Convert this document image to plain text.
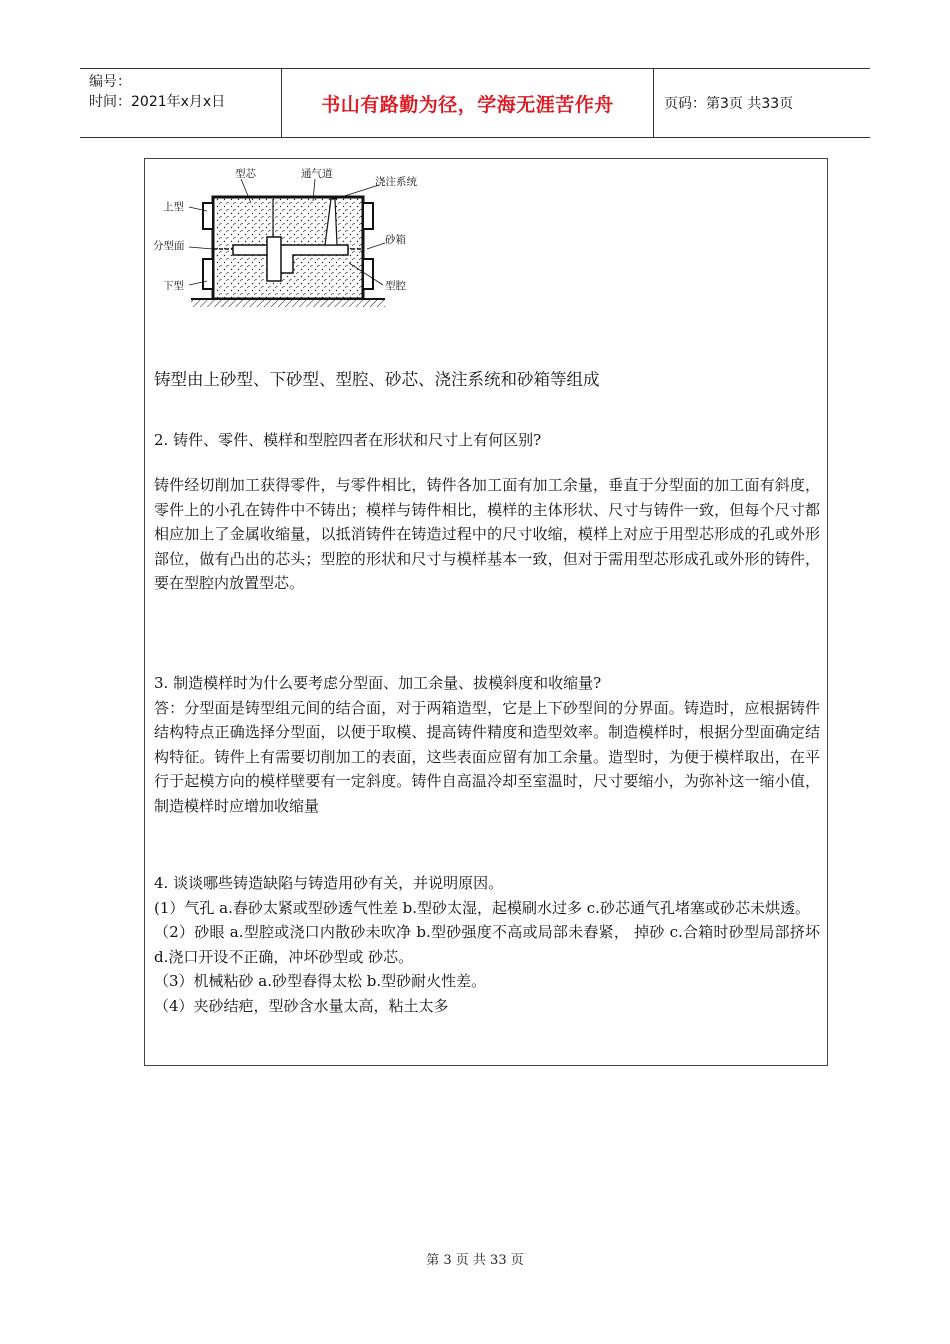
编号：
时间：2021年x月x日	书山有路勤为径，学海无涯苦作舟	页码：第3页 共33页
型芯	通气道
浇注系统
上型
分型面	砂箱
下型	型腔
铸型由上砂型、下砂型、型腔、砂芯、浇注系统和砂箱等组成
2. 铸件、零件、模样和型腔四者在形状和尺寸上有何区别?
铸件经切削加工获得零件，与零件相比，铸件各加工面有加工余量，垂直于分型面的加工面有斜度，零件上的小孔在铸件中不铸出；模样与铸件相比，模样的主体形状、尺寸与铸件一致，但每个尺寸都相应加上了金属收缩量，以抵消铸件在铸造过程中的尺寸收缩，模样上对应于用型芯形成的孔或外形部位，做有凸出的芯头；型腔的形状和尺寸与模样基本一致，但对于需用型芯形成孔或外形的铸件，要在型腔内放置型芯。
3. 制造模样时为什么要考虑分型面、加工余量、拔模斜度和收缩量?
答：分型面是铸型组元间的结合面，对于两箱造型，它是上下砂型间的分界面。铸造时，应根据铸件结构特点正确选择分型面，以便于取模、提高铸件精度和造型效率。制造模样时，根据分型面确定结构特征。铸件上有需要切削加工的表面，这些表面应留有加工余量。造型时，为便于模样取出，在平行于起模方向的模样壁要有一定斜度。铸件自高温冷却至室温时，尺寸要缩小，为弥补这一缩小值，制造模样时应增加收缩量
4. 谈谈哪些铸造缺陷与铸造用砂有关，并说明原因。
(1）气孔 a.舂砂太紧或型砂透气性差 b.型砂太湿，起模刷水过多 c.砂芯通气孔堵塞或砂芯未烘透。
（2）砂眼 a.型腔或浇口内散砂未吹净 b.型砂强度不高或局部未舂紧， 掉砂 c.合箱时砂型局部挤坏 d.浇口开设不正确，冲坏砂型或 砂芯。
（3）机械粘砂 a.砂型舂得太松 b.型砂耐火性差。
（4）夹砂结疤，型砂含水量太高，粘土太多
第 3 页 共 33 页
